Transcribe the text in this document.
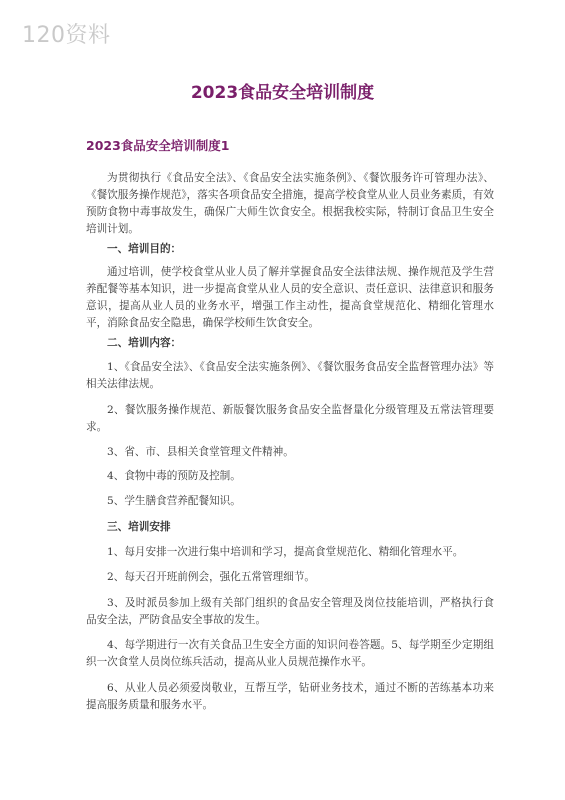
120资料
2023食品安全培训制度
2023食品安全培训制度1

为贯彻执行《食品安全法》、《食品安全法实施条例》、《餐饮服务许可管理办法》、《餐饮服务操作规范》，落实各项食品安全措施，提高学校食堂从业人员业务素质，有效预防食物中毒事故发生，确保广大师生饮食安全。根据我校实际，特制订食品卫生安全培训计划。

一、培训目的：

通过培训，使学校食堂从业人员了解并掌握食品安全法律法规、操作规范及学生营养配餐等基本知识，进一步提高食堂从业人员的安全意识、责任意识、法律意识和服务意识，提高从业人员的业务水平，增强工作主动性，提高食堂规范化、精细化管理水平，消除食品安全隐患，确保学校师生饮食安全。

二、培训内容：

1、《食品安全法》、《食品安全法实施条例》、《餐饮服务食品安全监督管理办法》等相关法律法规。

2、餐饮服务操作规范、新版餐饮服务食品安全监督量化分级管理及五常法管理要求。

3、省、市、县相关食堂管理文件精神。

4、食物中毒的预防及控制。

5、学生膳食营养配餐知识。

三、培训安排

1、每月安排一次进行集中培训和学习，提高食堂规范化、精细化管理水平。

2、每天召开班前例会，强化五常管理细节。

3、及时派员参加上级有关部门组织的食品安全管理及岗位技能培训，严格执行食品安全法，严防食品安全事故的发生。

4、每学期进行一次有关食品卫生安全方面的知识问卷答题。5、每学期至少定期组织一次食堂人员岗位练兵活动，提高从业人员规范操作水平。

6、从业人员必须爱岗敬业，互帮互学，钻研业务技术，通过不断的苦练基本功来提高服务质量和服务水平。
